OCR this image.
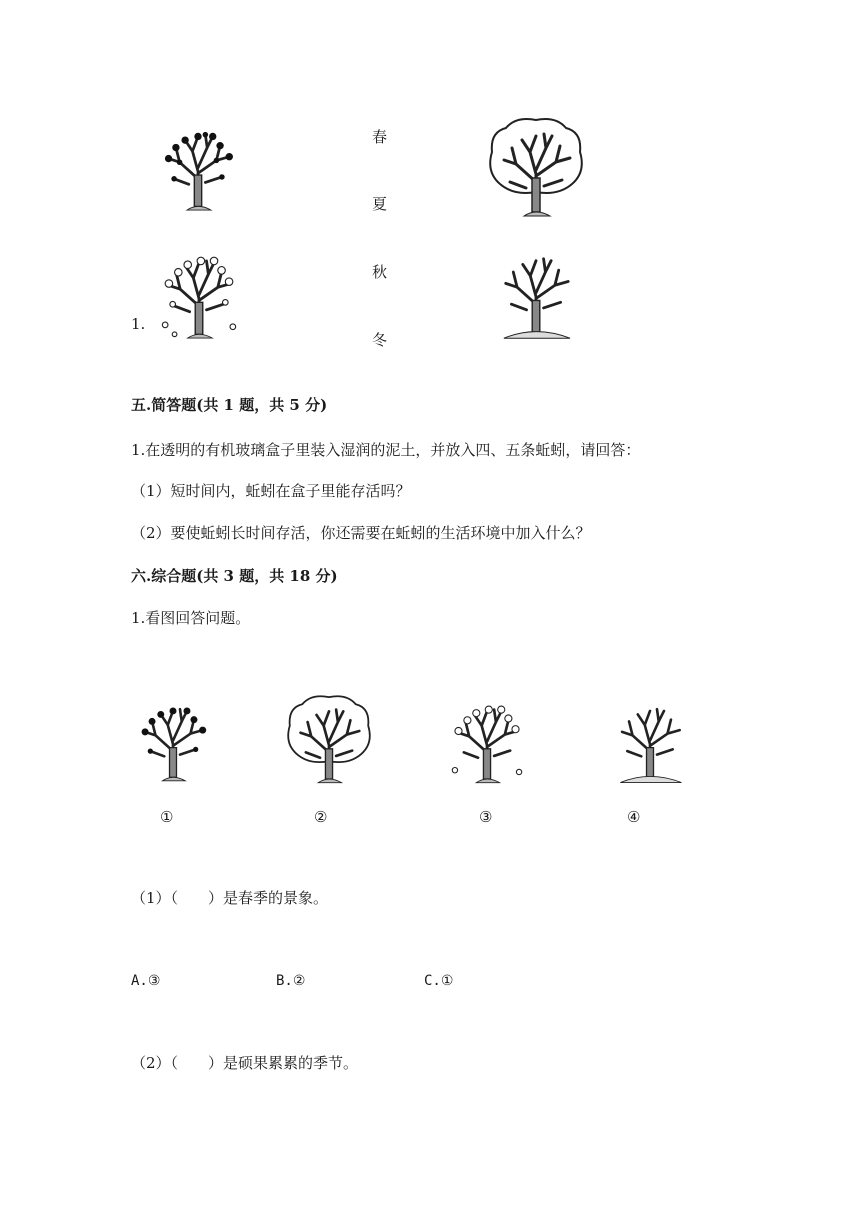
1.
春
夏
秋
冬
五.简答题(共 1 题，共 5 分)
1.在透明的有机玻璃盒子里装入湿润的泥土，并放入四、五条蚯蚓，请回答：
（1）短时间内，蚯蚓在盒子里能存活吗？
（2）要使蚯蚓长时间存活，你还需要在蚯蚓的生活环境中加入什么？
六.综合题(共 3 题，共 18 分)
1.看图回答问题。
①	②	③	④
（1）（　　）是春季的景象。
A.③	B.②	C.①
（2）（　　）是硕果累累的季节。
